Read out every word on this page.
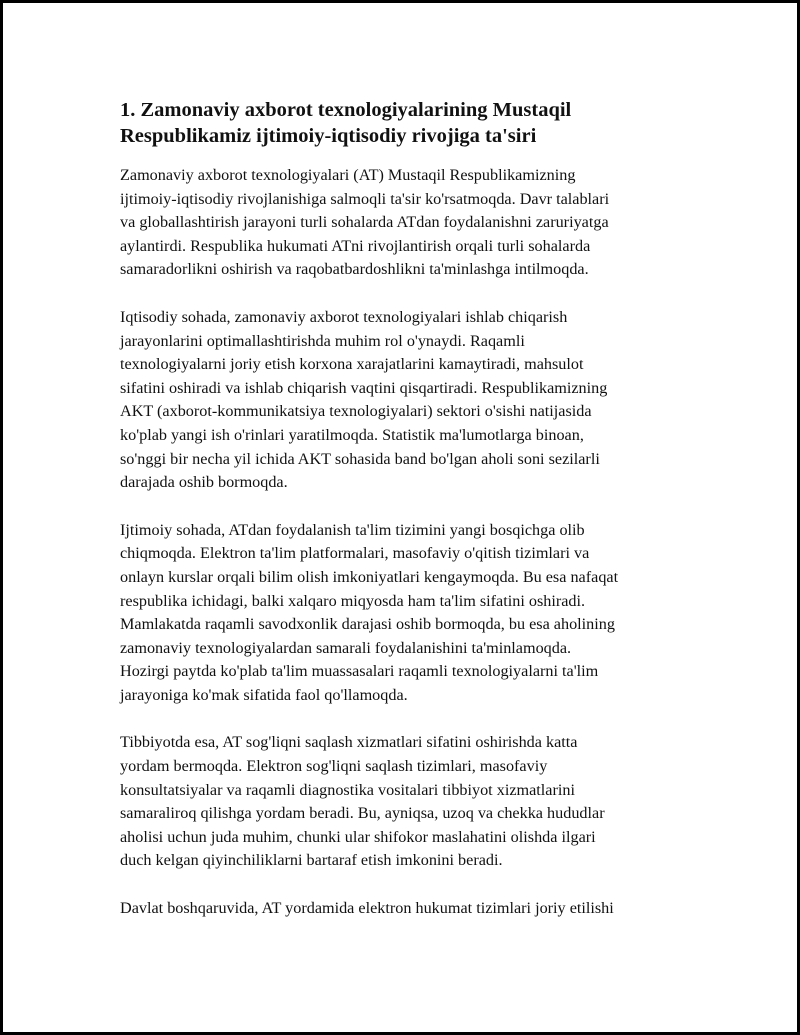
1. Zamonaviy axborot texnologiyalarining Mustaqil
Respublikamiz ijtimoiy-iqtisodiy rivojiga ta'siri

Zamonaviy axborot texnologiyalari (AT) Mustaqil Respublikamizning
ijtimoiy-iqtisodiy rivojlanishiga salmoqli ta'sir ko'rsatmoqda. Davr talablari
va globallashtirish jarayoni turli sohalarda ATdan foydalanishni zaruriyatga
aylantirdi. Respublika hukumati ATni rivojlantirish orqali turli sohalarda
samaradorlikni oshirish va raqobatbardoshlikni ta'minlashga intilmoqda.

Iqtisodiy sohada, zamonaviy axborot texnologiyalari ishlab chiqarish
jarayonlarini optimallashtirishda muhim rol o'ynaydi. Raqamli
texnologiyalarni joriy etish korxona xarajatlarini kamaytiradi, mahsulot
sifatini oshiradi va ishlab chiqarish vaqtini qisqartiradi. Respublikamizning
AKT (axborot-kommunikatsiya texnologiyalari) sektori o'sishi natijasida
ko'plab yangi ish o'rinlari yaratilmoqda. Statistik ma'lumotlarga binoan,
so'nggi bir necha yil ichida AKT sohasida band bo'lgan aholi soni sezilarli
darajada oshib bormoqda.

Ijtimoiy sohada, ATdan foydalanish ta'lim tizimini yangi bosqichga olib
chiqmoqda. Elektron ta'lim platformalari, masofaviy o'qitish tizimlari va
onlayn kurslar orqali bilim olish imkoniyatlari kengaymoqda. Bu esa nafaqat
respublika ichidagi, balki xalqaro miqyosda ham ta'lim sifatini oshiradi.
Mamlakatda raqamli savodxonlik darajasi oshib bormoqda, bu esa aholining
zamonaviy texnologiyalardan samarali foydalanishini ta'minlamoqda.
Hozirgi paytda ko'plab ta'lim muassasalari raqamli texnologiyalarni ta'lim
jarayoniga ko'mak sifatida faol qo'llamoqda.

Tibbiyotda esa, AT sog'liqni saqlash xizmatlari sifatini oshirishda katta
yordam bermoqda. Elektron sog'liqni saqlash tizimlari, masofaviy
konsultatsiyalar va raqamli diagnostika vositalari tibbiyot xizmatlarini
samaraliroq qilishga yordam beradi. Bu, ayniqsa, uzoq va chekka hududlar
aholisi uchun juda muhim, chunki ular shifokor maslahatini olishda ilgari
duch kelgan qiyinchiliklarni bartaraf etish imkonini beradi.

Davlat boshqaruvida, AT yordamida elektron hukumat tizimlari joriy etilishi
